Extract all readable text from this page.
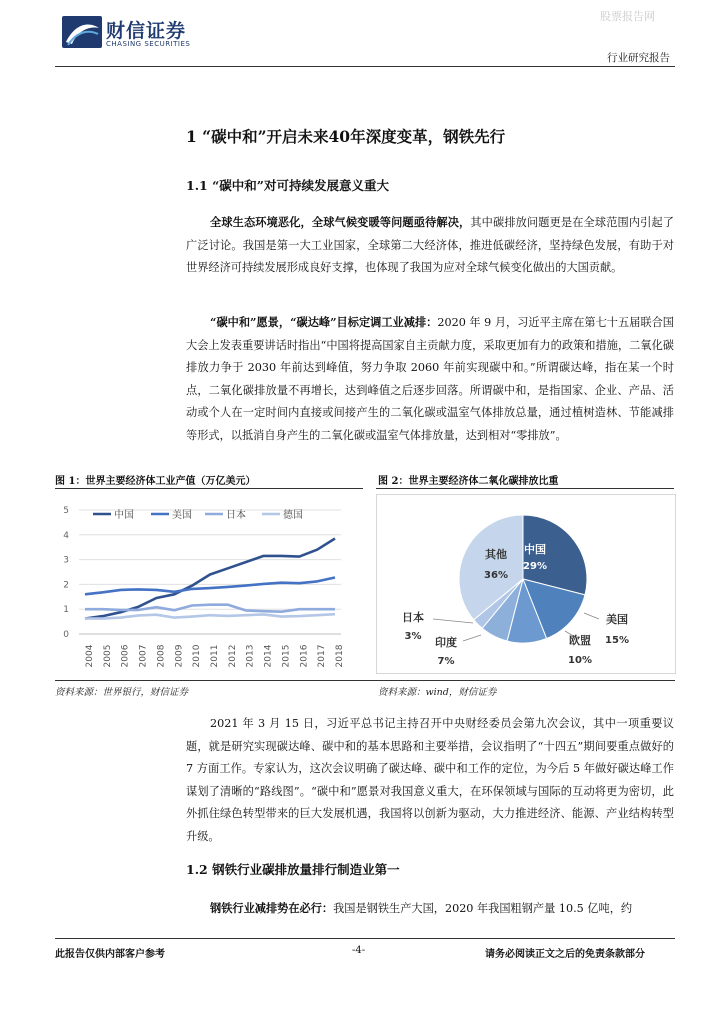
财信证券
CHASING SECURITIES
股票报告网
行业研究报告
1 “碳中和”开启未来40年深度变革，钢铁先行
1.1 “碳中和”对可持续发展意义重大
全球生态环境恶化，全球气候变暖等问题亟待解决，其中碳排放问题更是在全球范围内引起了广泛讨论。我国是第一大工业国家，全球第二大经济体，推进低碳经济，坚持绿色发展，有助于对世界经济可持续发展形成良好支撑，也体现了我国为应对全球气候变化做出的大国贡献。
“碳中和”愿景，“碳达峰”目标定调工业减排：2020 年 9 月，习近平主席在第七十五届联合国大会上发表重要讲话时指出“中国将提高国家自主贡献力度，采取更加有力的政策和措施，二氧化碳排放力争于 2030 年前达到峰值，努力争取 2060 年前实现碳中和。”所谓碳达峰，指在某一个时点，二氧化碳排放量不再增长，达到峰值之后逐步回落。所谓碳中和，是指国家、企业、产品、活动或个人在一定时间内直接或间接产生的二氧化碳或温室气体排放总量，通过植树造林、节能减排等形式，以抵消自身产生的二氧化碳或温室气体排放量，达到相对“零排放”。
图 1：世界主要经济体工业产值（万亿美元）	图 2：世界主要经济体二氧化碳排放比重
0
1
2
3
4
5
2004 2005 2006 2007 2008 2009 2010 2011 2012 2013 2014 2015 2016 2017 2018
中国	美国	日本	德国
中国
29%
美国
15%
欧盟
10%
印度
7%
日本
3%
其他
36%
资料来源：世界银行，财信证券	资料来源：wind，财信证券
2021 年 3 月 15 日，习近平总书记主持召开中央财经委员会第九次会议，其中一项重要议题，就是研究实现碳达峰、碳中和的基本思路和主要举措，会议指明了“十四五”期间要重点做好的 7 方面工作。专家认为，这次会议明确了碳达峰、碳中和工作的定位，为今后 5 年做好碳达峰工作谋划了清晰的“路线图”。“碳中和”愿景对我国意义重大，在环保领域与国际的互动将更为密切，此外抓住绿色转型带来的巨大发展机遇，我国将以创新为驱动，大力推进经济、能源、产业结构转型升级。
1.2 钢铁行业碳排放量排行制造业第一
钢铁行业减排势在必行：我国是钢铁生产大国，2020 年我国粗钢产量 10.5 亿吨，约
此报告仅供内部客户参考	-4-	请务必阅读正文之后的免责条款部分
